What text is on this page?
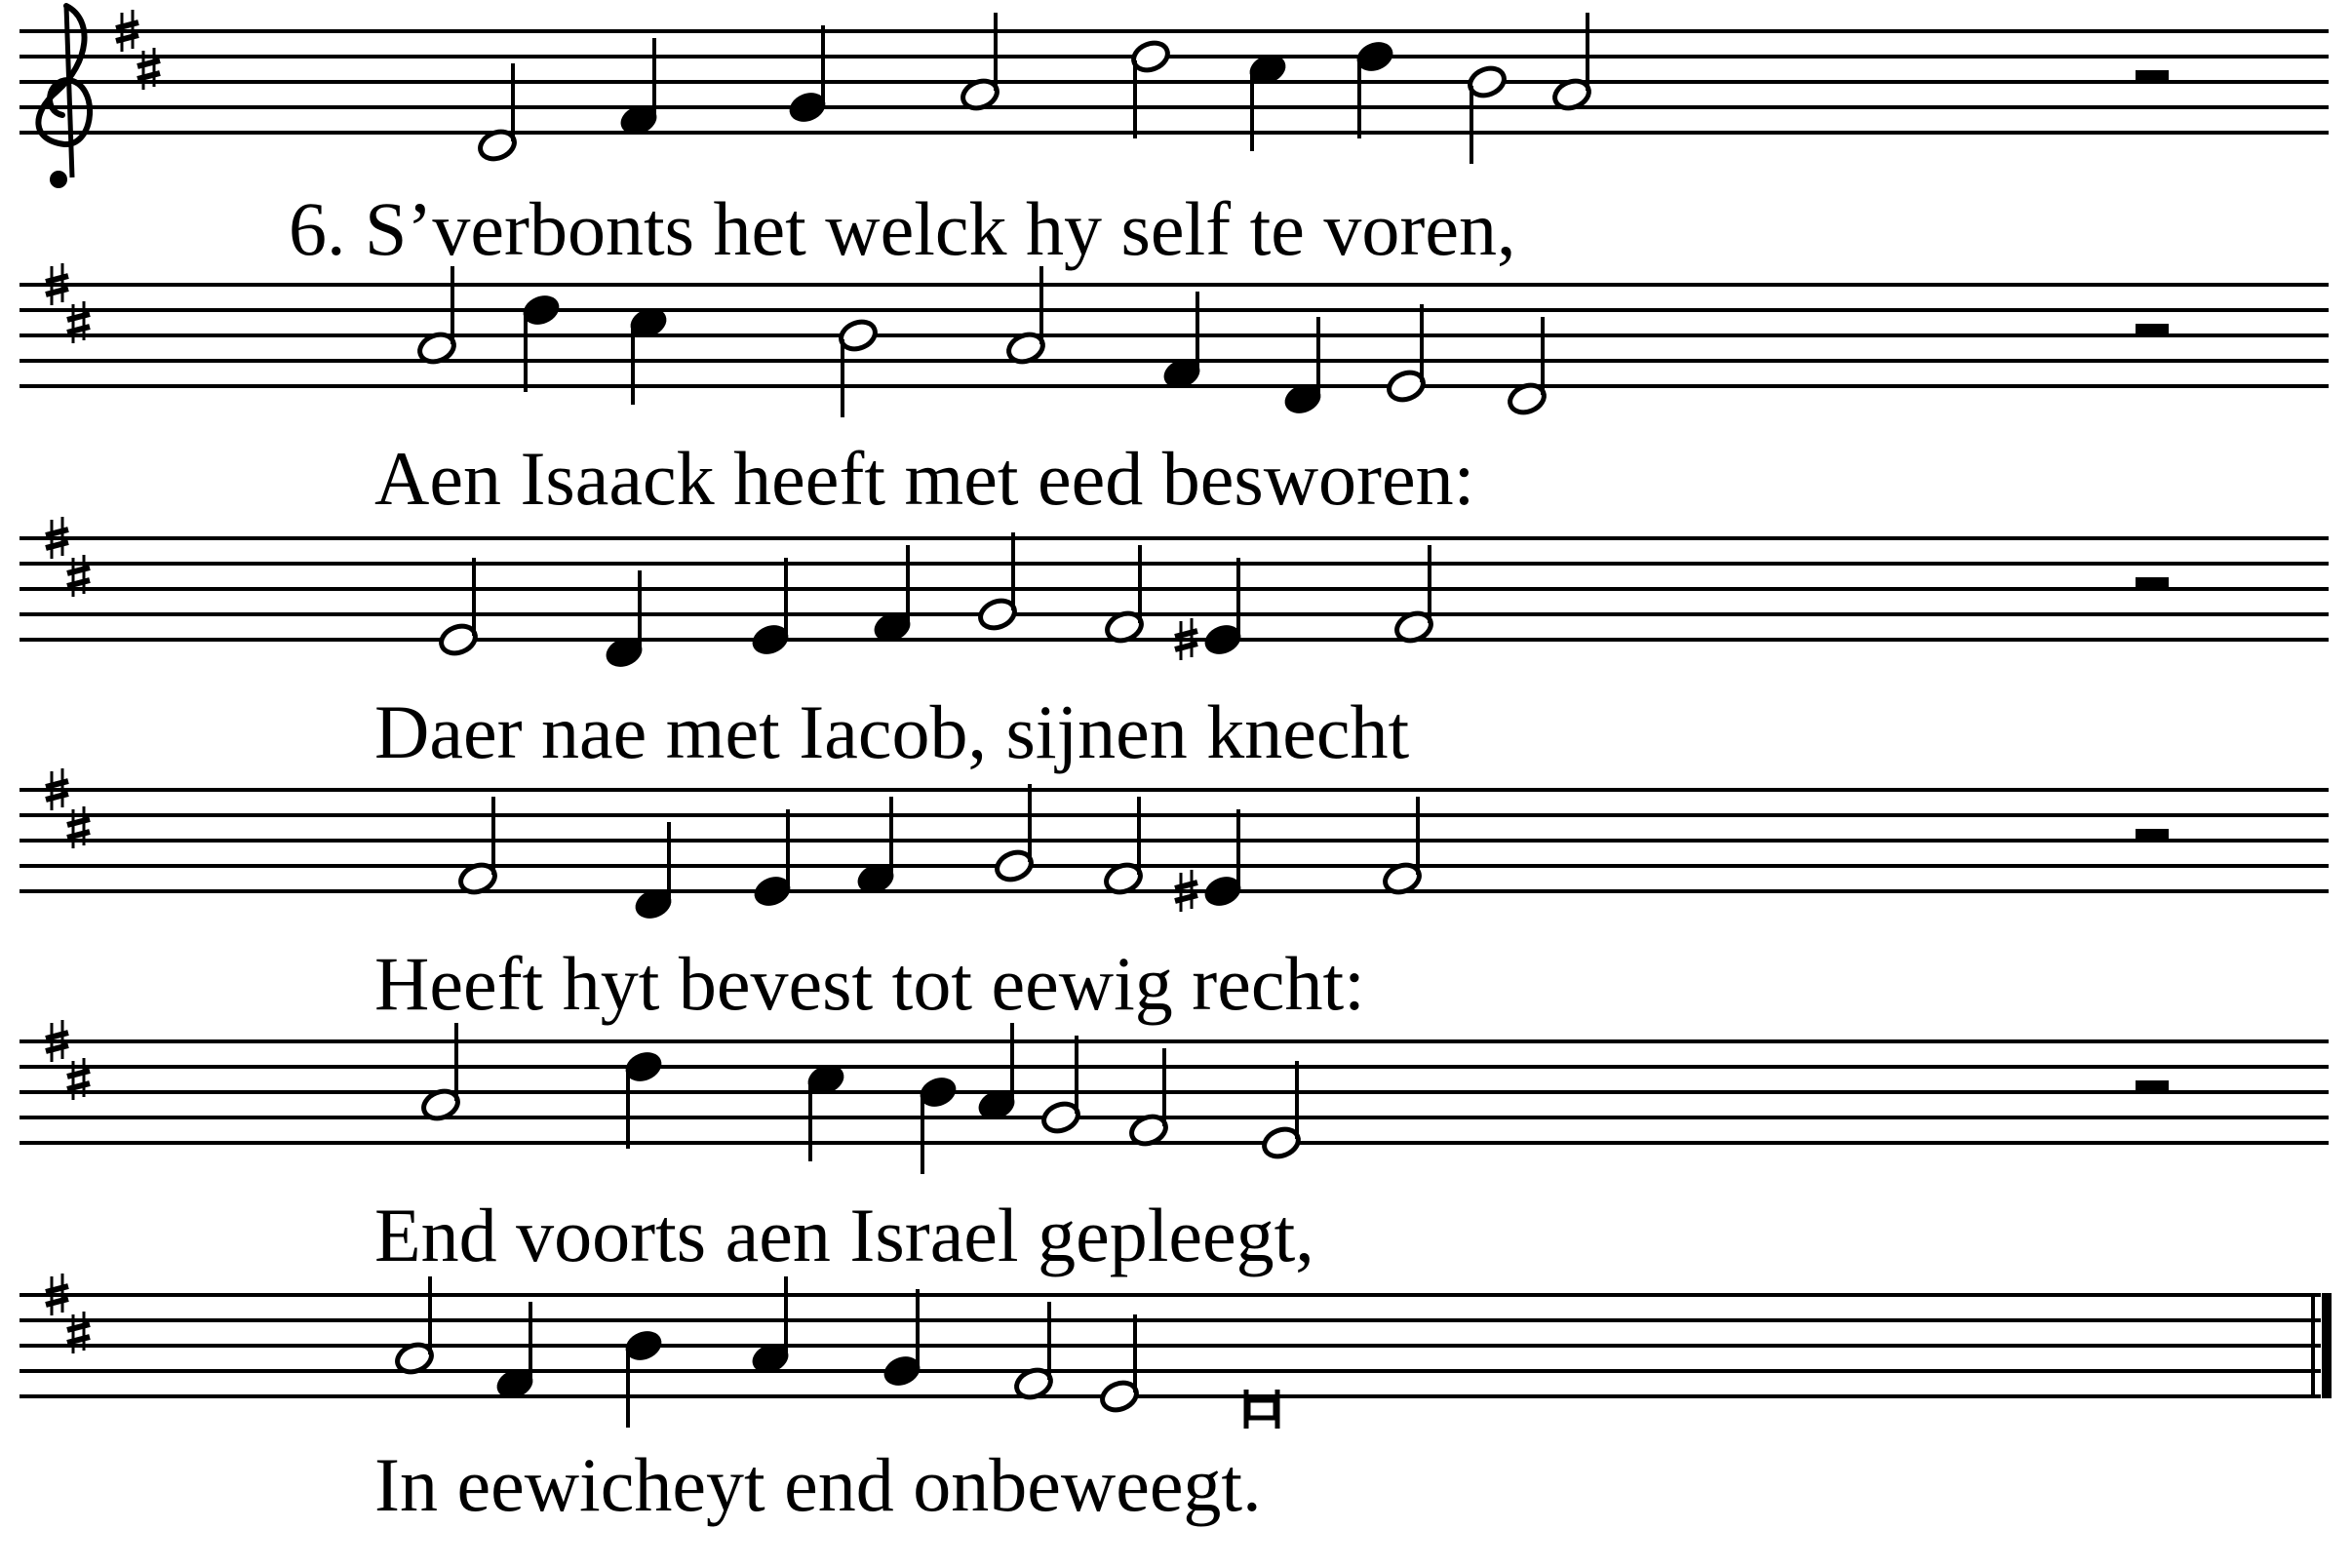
6. S’verbonts het welck hy self te voren,
Aen Isaack heeft met eed besworen:
Daer nae met Iacob, sijnen knecht
Heeft hyt bevest tot eewig recht:
End voorts aen Israel gepleegt,
In eewicheyt end onbeweegt.
